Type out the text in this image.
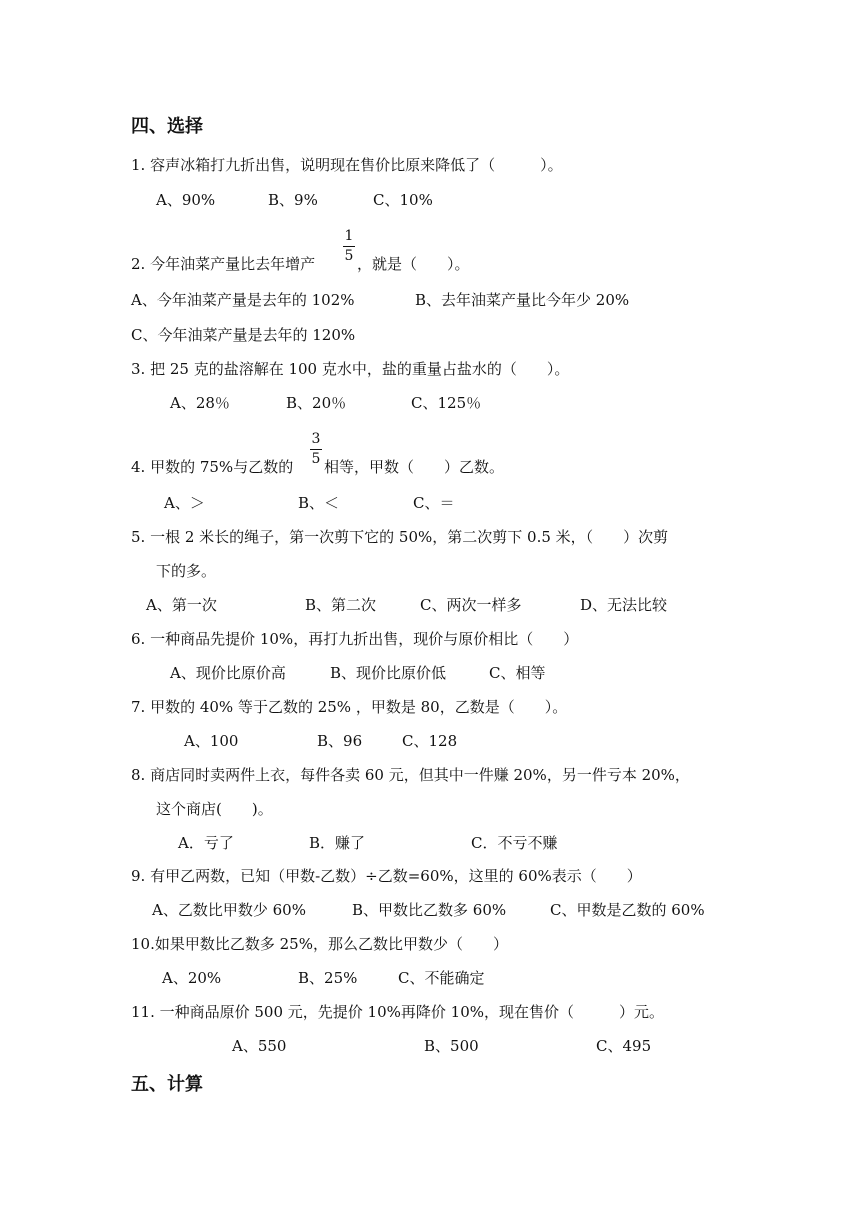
四、选择
1. 容声冰箱打九折出售，说明现在售价比原来降低了（　　　）。
A、90%	B、9%	C、10%
2. 今年油菜产量比去年增产
1
5 ，就是（　　）。
A、今年油菜产量是去年的 102%	B、去年油菜产量比今年少 20%
C、今年油菜产量是去年的 120%
3. 把 25 克的盐溶解在 100 克水中，盐的重量占盐水的（　　）。
A、28％	B、20％	C、125％
4. 甲数的 75%与乙数的
3
5 相等，甲数（　　）乙数。
A、＞	B、＜	C、＝
5. 一根 2 米长的绳子，第一次剪下它的 50%，第二次剪下 0.5 米，（　　）次剪
下的多。
A、第一次	B、第二次	C、两次一样多	D、无法比较
6. 一种商品先提价 10%，再打九折出售，现价与原价相比（　　）
A、现价比原价高	B、现价比原价低	C、相等
7. 甲数的 40% 等于乙数的 25% ，甲数是 80，乙数是（　　）。
A、100	B、96	C、128
8. 商店同时卖两件上衣，每件各卖 60 元，但其中一件赚 20%，另一件亏本 20%，
这个商店(　　)。
A．亏了	B．赚了	C．不亏不赚
9. 有甲乙两数，已知（甲数-乙数）÷乙数=60%，这里的 60%表示（　　）
A、乙数比甲数少 60%	B、甲数比乙数多 60%	C、甲数是乙数的 60%
10.如果甲数比乙数多 25%，那么乙数比甲数少（　　）
A、20%	B、25%	C、不能确定
11. 一种商品原价 500 元，先提价 10%再降价 10%，现在售价（　　　）元。
A、550	B、500	C、495
五、计算
